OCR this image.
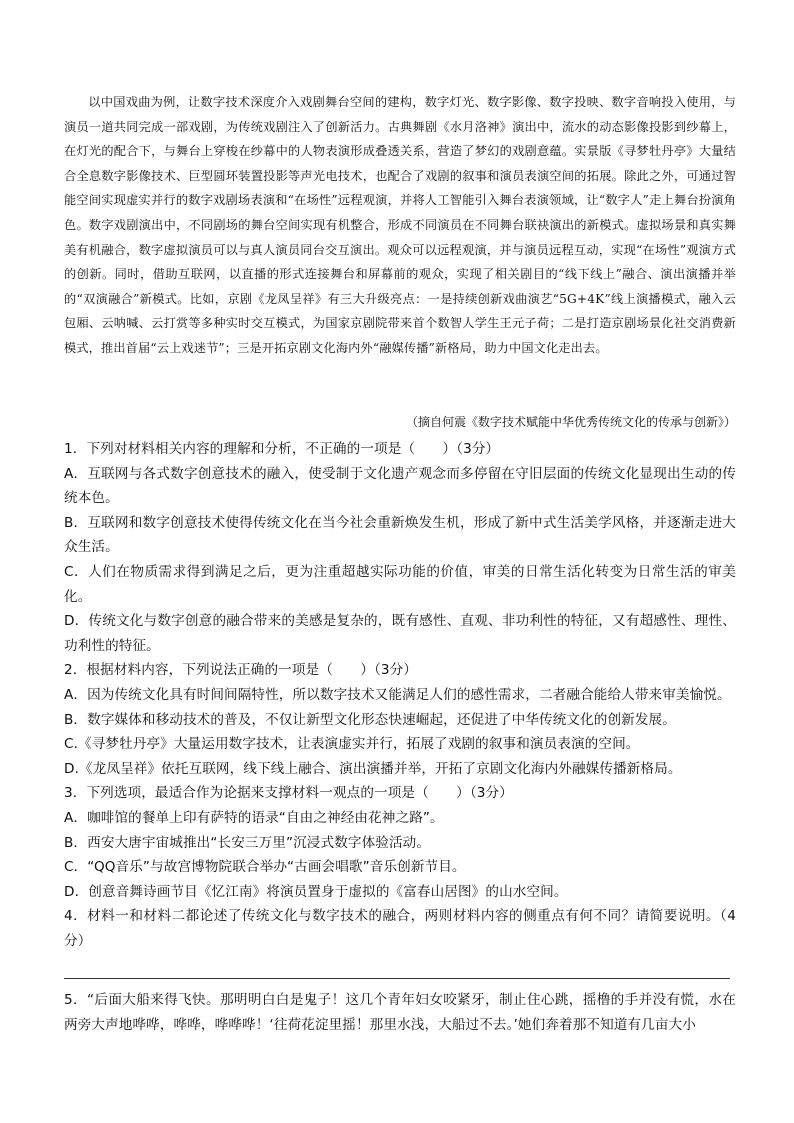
以中国戏曲为例，让数字技术深度介入戏剧舞台空间的建构，数字灯光、数字影像、数字投映、数字音响投入使用，与演员一道共同完成一部戏剧，为传统戏剧注入了创新活力。古典舞剧《水月洛神》演出中，流水的动态影像投影到纱幕上，在灯光的配合下，与舞台上穿梭在纱幕中的人物表演形成叠透关系，营造了梦幻的戏剧意蕴。实景版《寻梦牡丹亭》大量结合全息数字影像技术、巨型圆环装置投影等声光电技术，也配合了戏剧的叙事和演员表演空间的拓展。除此之外，可通过智能空间实现虚实并行的数字戏剧场表演和“在场性”远程观演，并将人工智能引入舞台表演领域，让“数字人”走上舞台扮演角色。数字戏剧演出中，不同剧场的舞台空间实现有机整合，形成不同演员在不同舞台联袂演出的新模式。虚拟场景和真实舞美有机融合，数字虚拟演员可以与真人演员同台交互演出。观众可以远程观演，并与演员远程互动，实现“在场性”观演方式的创新。同时，借助互联网，以直播的形式连接舞台和屏幕前的观众，实现了相关剧目的“线下线上”融合、演出演播并举的“双演融合”新模式。比如，京剧《龙凤呈祥》有三大升级亮点：一是持续创新戏曲演艺“5G+4K”线上演播模式，融入云包厢、云呐喊、云打赏等多种实时交互模式，为国家京剧院带来首个数智人学生王元子荷；二是打造京剧场景化社交消费新模式，推出首届“云上戏迷节”；三是开拓京剧文化海内外“融媒传播”新格局，助力中国文化走出去。

（摘自何震《数字技术赋能中华优秀传统文化的传承与创新》）

1．下列对材料相关内容的理解和分析，不正确的一项是（　　）（3分）

A．互联网与各式数字创意技术的融入，使受制于文化遗产观念而多停留在守旧层面的传统文化显现出生动的传统本色。

B．互联网和数字创意技术使得传统文化在当今社会重新焕发生机，形成了新中式生活美学风格，并逐渐走进大众生活。

C．人们在物质需求得到满足之后，更为注重超越实际功能的价值，审美的日常生活化转变为日常生活的审美化。

D．传统文化与数字创意的融合带来的美感是复杂的，既有感性、直观、非功利性的特征，又有超感性、理性、功利性的特征。

2．根据材料内容，下列说法正确的一项是（　　）（3分）

A．因为传统文化具有时间间隔特性，所以数字技术又能满足人们的感性需求，二者融合能给人带来审美愉悦。

B．数字媒体和移动技术的普及，不仅让新型文化形态快速崛起，还促进了中华传统文化的创新发展。

C.《寻梦牡丹亭》大量运用数字技术，让表演虚实并行，拓展了戏剧的叙事和演员表演的空间。

D.《龙凤呈祥》依托互联网，线下线上融合、演出演播并举，开拓了京剧文化海内外融媒传播新格局。

3．下列选项，最适合作为论据来支撑材料一观点的一项是（　　）（3分）

A．咖啡馆的餐单上印有萨特的语录“自由之神经由花神之路”。

B．西安大唐宇宙城推出“长安三万里”沉浸式数字体验活动。

C．“QQ音乐”与故宫博物院联合举办“古画会唱歌”音乐创新节目。

D．创意音舞诗画节目《忆江南》将演员置身于虚拟的《富春山居图》的山水空间。

4．材料一和材料二都论述了传统文化与数字技术的融合，两则材料内容的侧重点有何不同？请简要说明。（4分）

5．“后面大船来得飞快。那明明白白是鬼子！这几个青年妇女咬紧牙，制止住心跳，摇橹的手并没有慌，水在两旁大声地哗哗，哗哗，哗哗哗！‘往荷花淀里摇！那里水浅，大船过不去。’她们奔着那不知道有几亩大小
